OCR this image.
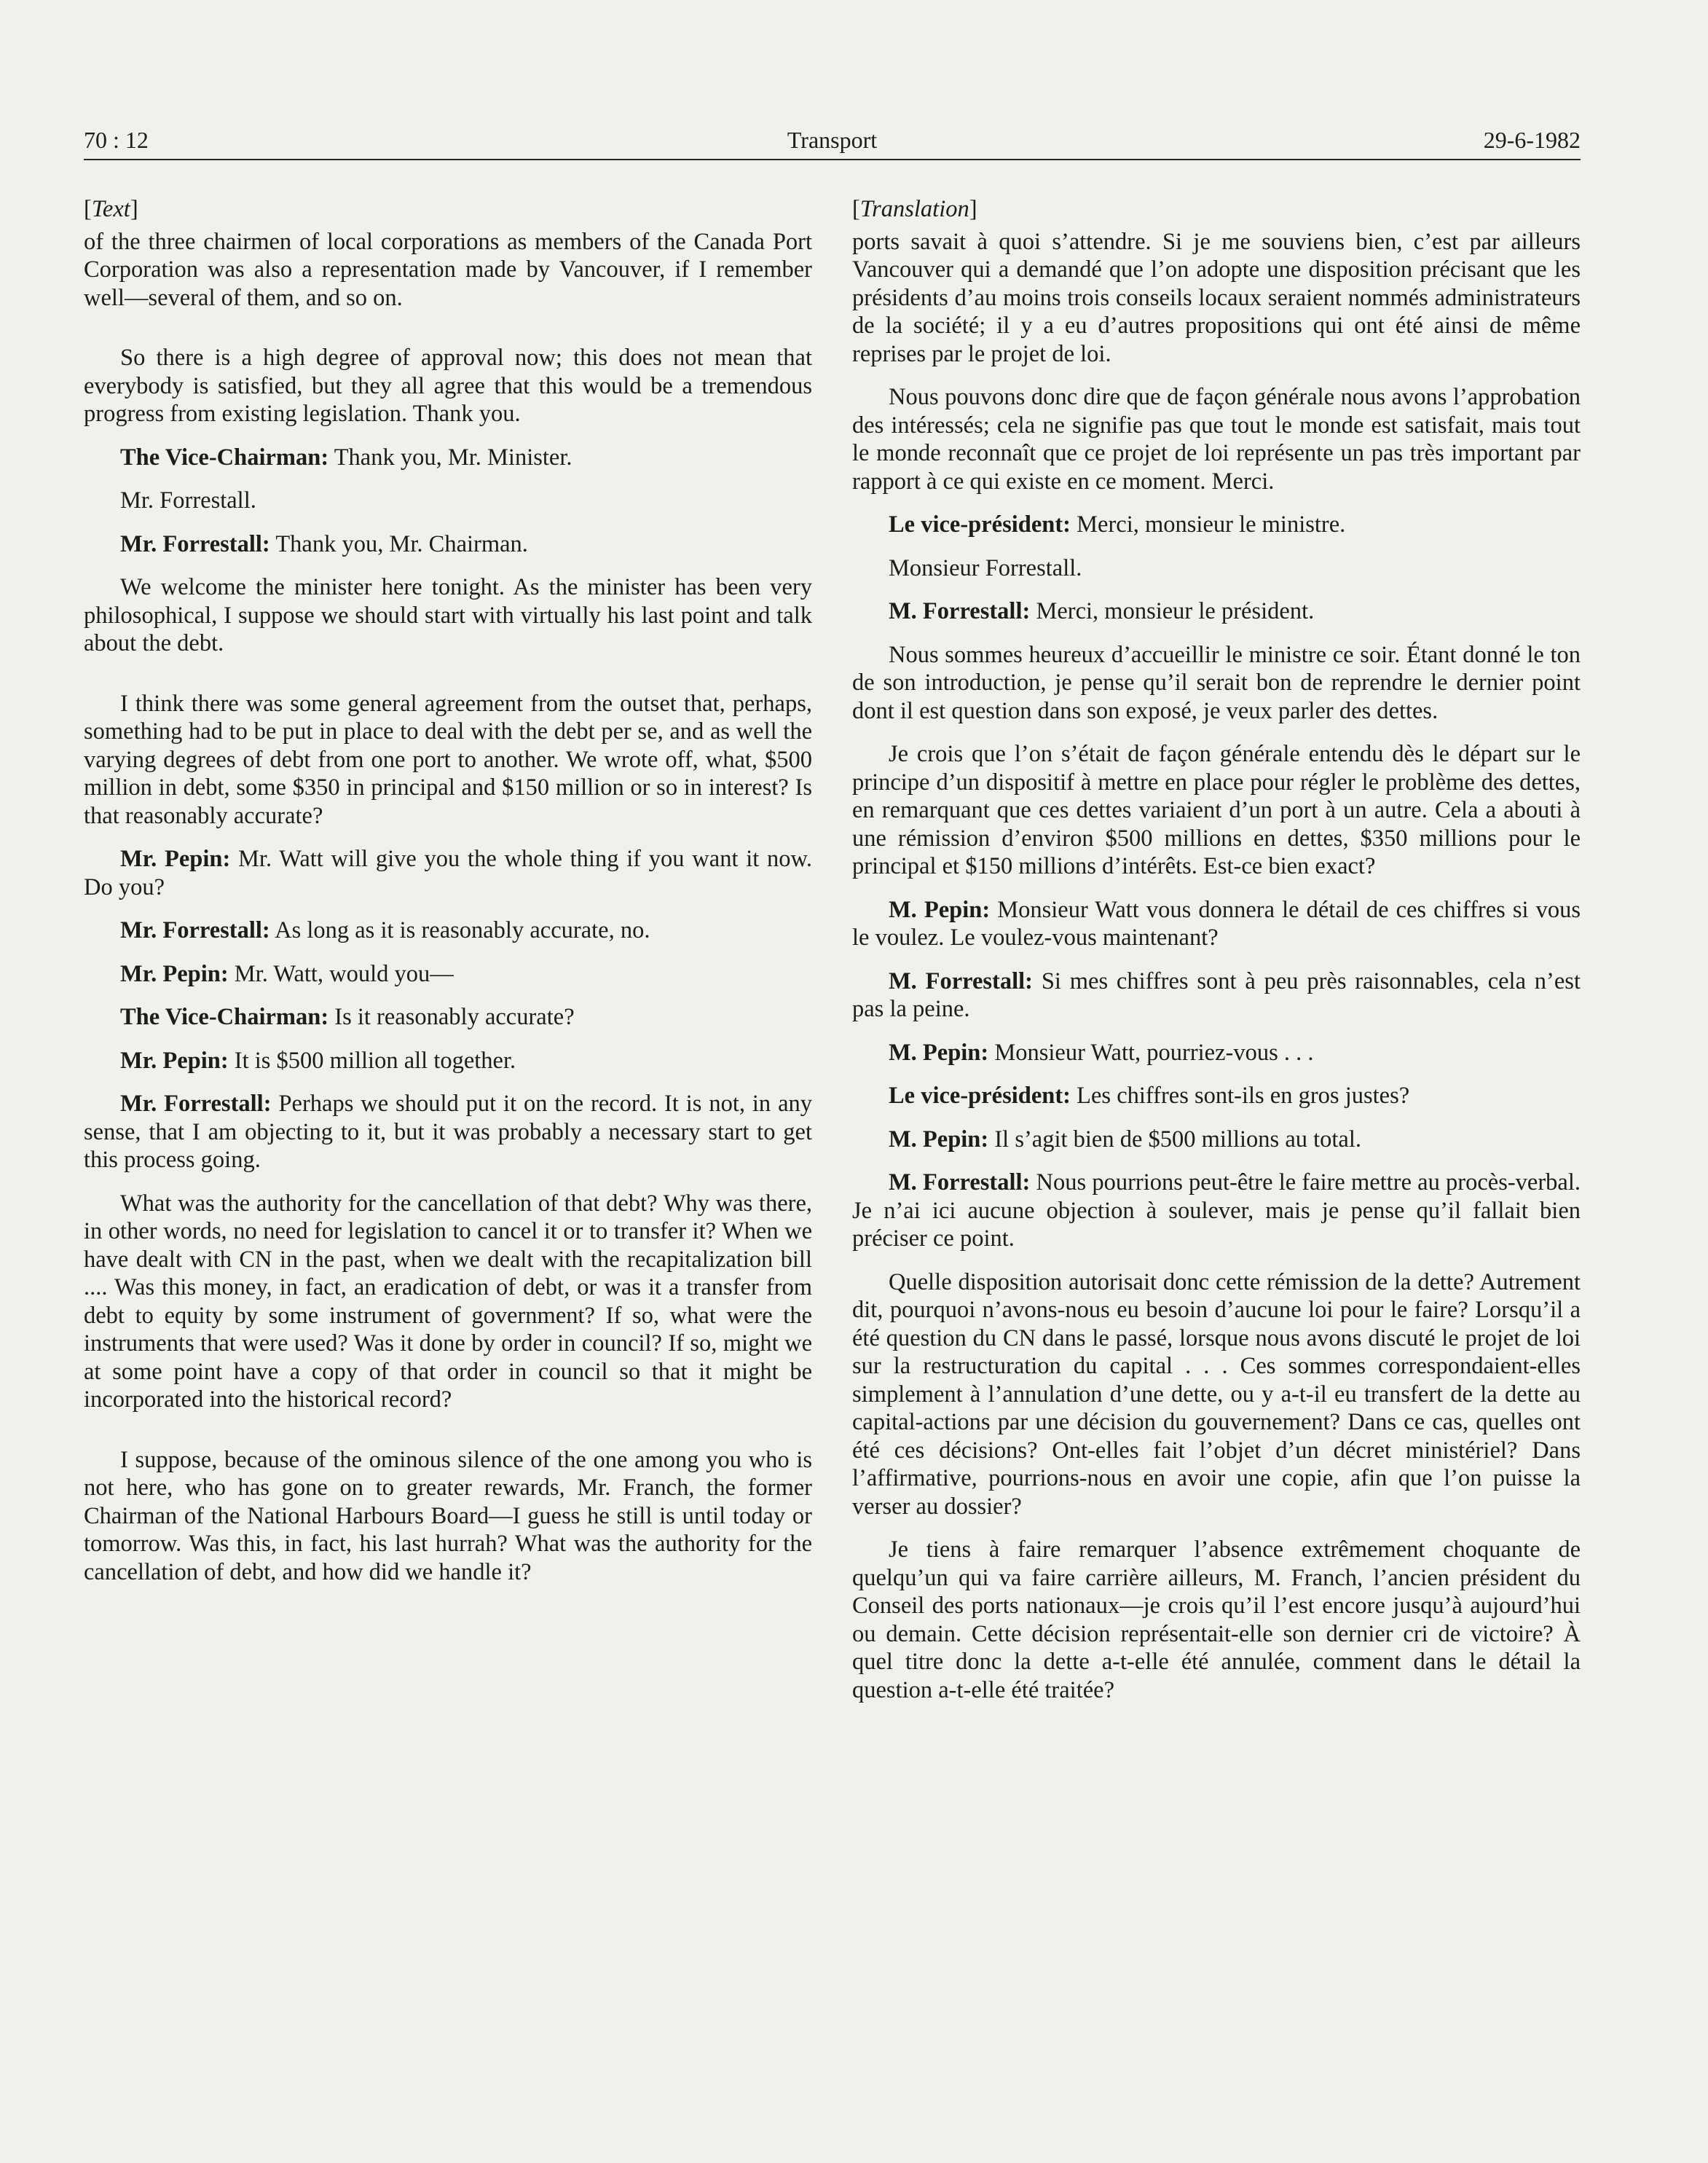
70 : 12	Transport	29-6-1982
[Text]

of the three chairmen of local corporations as members of the Canada Port Corporation was also a representation made by Vancouver, if I remember well—several of them, and so on.

So there is a high degree of approval now; this does not mean that everybody is satisfied, but they all agree that this would be a tremendous progress from existing legislation. Thank you.

The Vice-Chairman: Thank you, Mr. Minister.

Mr. Forrestall.

Mr. Forrestall: Thank you, Mr. Chairman.

We welcome the minister here tonight. As the minister has been very philosophical, I suppose we should start with virtually his last point and talk about the debt.

I think there was some general agreement from the outset that, perhaps, something had to be put in place to deal with the debt per se, and as well the varying degrees of debt from one port to another. We wrote off, what, $500 million in debt, some $350 in principal and $150 million or so in interest? Is that reasonably accurate?

Mr. Pepin: Mr. Watt will give you the whole thing if you want it now. Do you?

Mr. Forrestall: As long as it is reasonably accurate, no.

Mr. Pepin: Mr. Watt, would you—

The Vice-Chairman: Is it reasonably accurate?

Mr. Pepin: It is $500 million all together.

Mr. Forrestall: Perhaps we should put it on the record. It is not, in any sense, that I am objecting to it, but it was probably a necessary start to get this process going.

What was the authority for the cancellation of that debt? Why was there, in other words, no need for legislation to cancel it or to transfer it? When we have dealt with CN in the past, when we dealt with the recapitalization bill .... Was this money, in fact, an eradication of debt, or was it a transfer from debt to equity by some instrument of government? If so, what were the instruments that were used? Was it done by order in council? If so, might we at some point have a copy of that order in council so that it might be incorporated into the historical record?

I suppose, because of the ominous silence of the one among you who is not here, who has gone on to greater rewards, Mr. Franch, the former Chairman of the National Harbours Board—I guess he still is until today or tomorrow. Was this, in fact, his last hurrah? What was the authority for the cancellation of debt, and how did we handle it?

[Translation]

ports savait à quoi s’attendre. Si je me souviens bien, c’est par ailleurs Vancouver qui a demandé que l’on adopte une disposition précisant que les présidents d’au moins trois conseils locaux seraient nommés administrateurs de la société; il y a eu d’autres propositions qui ont été ainsi de même reprises par le projet de loi.

Nous pouvons donc dire que de façon générale nous avons l’approbation des intéressés; cela ne signifie pas que tout le monde est satisfait, mais tout le monde reconnaît que ce projet de loi représente un pas très important par rapport à ce qui existe en ce moment. Merci.

Le vice-président: Merci, monsieur le ministre.

Monsieur Forrestall.

M. Forrestall: Merci, monsieur le président.

Nous sommes heureux d’accueillir le ministre ce soir. Étant donné le ton de son introduction, je pense qu’il serait bon de reprendre le dernier point dont il est question dans son exposé, je veux parler des dettes.

Je crois que l’on s’était de façon générale entendu dès le départ sur le principe d’un dispositif à mettre en place pour régler le problème des dettes, en remarquant que ces dettes variaient d’un port à un autre. Cela a abouti à une rémission d’environ $500 millions en dettes, $350 millions pour le principal et $150 millions d’intérêts. Est-ce bien exact?

M. Pepin: Monsieur Watt vous donnera le détail de ces chiffres si vous le voulez. Le voulez-vous maintenant?

M. Forrestall: Si mes chiffres sont à peu près raisonnables, cela n’est pas la peine.

M. Pepin: Monsieur Watt, pourriez-vous . . .

Le vice-président: Les chiffres sont-ils en gros justes?

M. Pepin: Il s’agit bien de $500 millions au total.

M. Forrestall: Nous pourrions peut-être le faire mettre au procès-verbal. Je n’ai ici aucune objection à soulever, mais je pense qu’il fallait bien préciser ce point.

Quelle disposition autorisait donc cette rémission de la dette? Autrement dit, pourquoi n’avons-nous eu besoin d’aucune loi pour le faire? Lorsqu’il a été question du CN dans le passé, lorsque nous avons discuté le projet de loi sur la restructuration du capital . . . Ces sommes correspondaient-elles simplement à l’annulation d’une dette, ou y a-t-il eu transfert de la dette au capital-actions par une décision du gouvernement? Dans ce cas, quelles ont été ces décisions? Ont-elles fait l’objet d’un décret ministériel? Dans l’affirmative, pourrions-nous en avoir une copie, afin que l’on puisse la verser au dossier?

Je tiens à faire remarquer l’absence extrêmement choquante de quelqu’un qui va faire carrière ailleurs, M. Franch, l’ancien président du Conseil des ports nationaux—je crois qu’il l’est encore jusqu’à aujourd’hui ou demain. Cette décision représentait-elle son dernier cri de victoire? À quel titre donc la dette a-t-elle été annulée, comment dans le détail la question a-t-elle été traitée?
